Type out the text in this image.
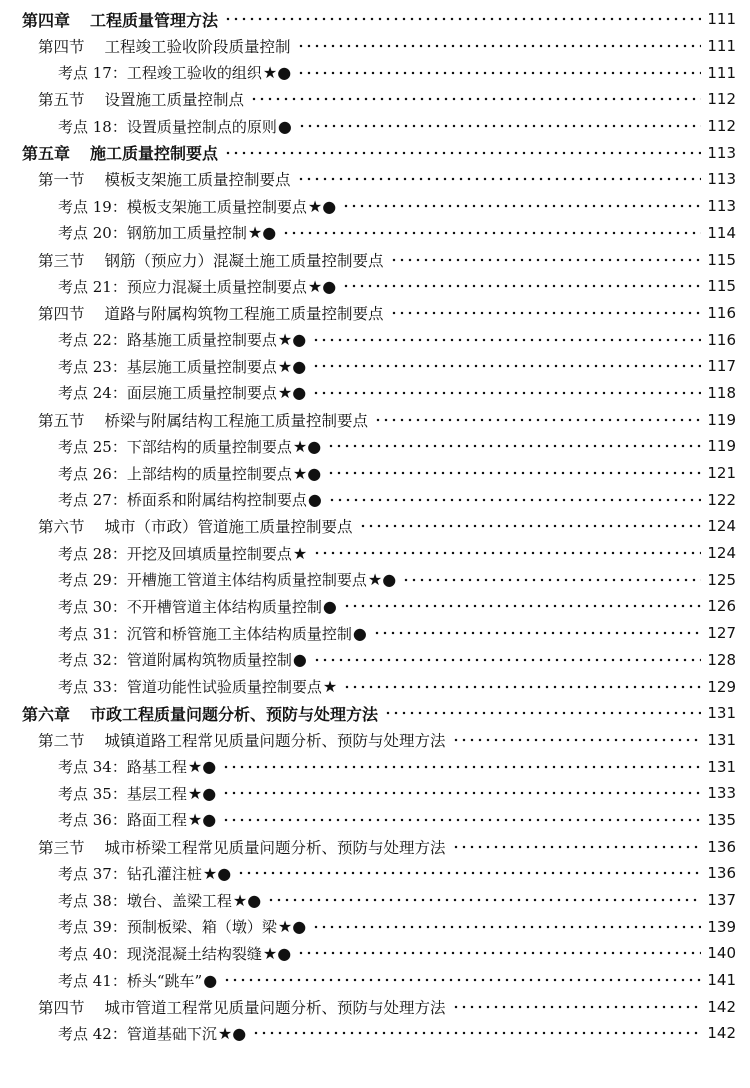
第四章 工程质量管理方法	111
第四节 工程竣工验收阶段质量控制	111
考点 17： 工程竣工验收的组织 ★●	111
第五节 设置施工质量控制点	112
考点 18： 设置质量控制点的原则 ●	112
第五章 施工质量控制要点	113
第一节 模板支架施工质量控制要点	113
考点 19： 模板支架施工质量控制要点 ★●	113
考点 20： 钢筋加工质量控制 ★●	114
第三节 钢筋（预应力）混凝土施工质量控制要点	115
考点 21： 预应力混凝土质量控制要点 ★●	115
第四节 道路与附属构筑物工程施工质量控制要点	116
考点 22： 路基施工质量控制要点 ★●	116
考点 23： 基层施工质量控制要点 ★●	117
考点 24： 面层施工质量控制要点 ★●	118
第五节 桥梁与附属结构工程施工质量控制要点	119
考点 25： 下部结构的质量控制要点 ★●	119
考点 26： 上部结构的质量控制要点 ★●	121
考点 27： 桥面系和附属结构控制要点 ●	122
第六节 城市（市政）管道施工质量控制要点	124
考点 28： 开挖及回填质量控制要点 ★	124
考点 29： 开槽施工管道主体结构质量控制要点 ★●	125
考点 30： 不开槽管道主体结构质量控制 ●	126
考点 31： 沉管和桥管施工主体结构质量控制 ●	127
考点 32： 管道附属构筑物质量控制 ●	128
考点 33： 管道功能性试验质量控制要点 ★	129
第六章 市政工程质量问题分析、预防与处理方法	131
第二节 城镇道路工程常见质量问题分析、预防与处理方法	131
考点 34： 路基工程 ★●	131
考点 35： 基层工程 ★●	133
考点 36： 路面工程 ★●	135
第三节 城市桥梁工程常见质量问题分析、预防与处理方法	136
考点 37： 钻孔灌注桩 ★●	136
考点 38： 墩台、盖梁工程 ★●	137
考点 39： 预制板梁、箱（墩）梁 ★●	139
考点 40： 现浇混凝土结构裂缝 ★●	140
考点 41： 桥头“跳车” ●	141
第四节 城市管道工程常见质量问题分析、预防与处理方法	142
考点 42： 管道基础下沉 ★●	142
